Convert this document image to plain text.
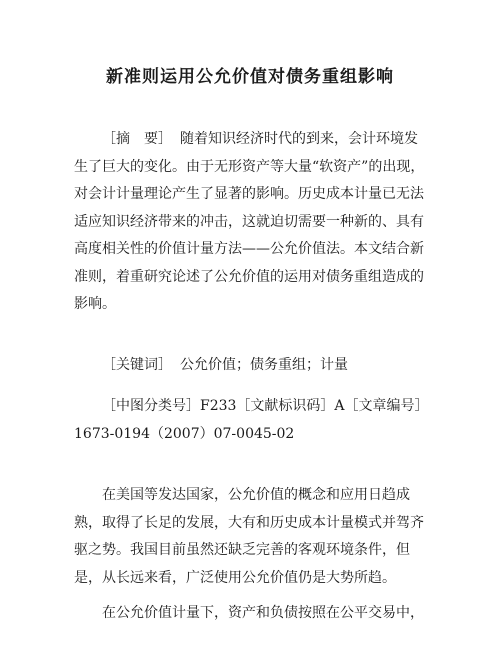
新准则运用公允价值对债务重组影响
［摘　要］ 随着知识经济时代的到来，会计环境发生了巨大的变化。由于无形资产等大量“软资产”的出现，对会计计量理论产生了显著的影响。历史成本计量已无法适应知识经济带来的冲击，这就迫切需要一种新的、具有高度相关性的价值计量方法——公允价值法。本文结合新准则，着重研究论述了公允价值的运用对债务重组造成的影响。
［关键词］ 公允价值；债务重组；计量
［中图分类号］F233［文献标识码］A［文章编号］1673-0194（2007）07-0045-02
在美国等发达国家，公允价值的概念和应用日趋成熟，取得了长足的发展，大有和历史成本计量模式并驾齐驱之势。我国目前虽然还缺乏完善的客观环境条件，但是，从长远来看，广泛使用公允价值仍是大势所趋。
在公允价值计量下，资产和负债按照在公平交易中，
